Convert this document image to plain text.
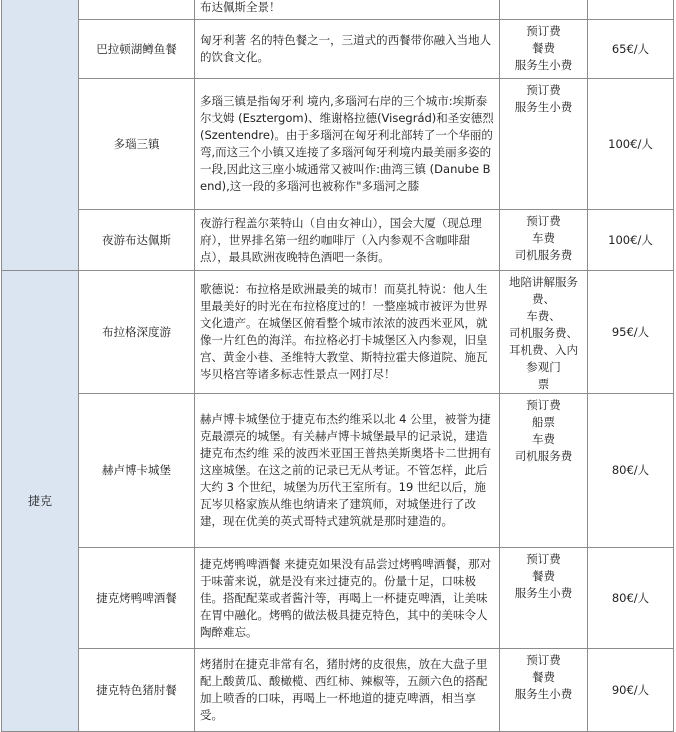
		布达佩斯全景！		
	巴拉顿湖鳟鱼餐	匈牙利著 名的特色餐之一，三道式的西餐带你融入当地人的饮食文化。	预订费
餐费
服务生小费	65€/人
	多瑙三镇	多瑙三镇是指匈牙利 境内,多瑙河右岸的三个城市:埃斯泰尔戈姆 (Esztergom)、维谢格拉德(Visegrád)和圣安德烈 (Szentendre)。由于多瑙河在匈牙利北部转了一个华丽的弯,而这三个小镇又连接了多瑙河匈牙利境内最美丽多姿的一段,因此这三座小城通常又被叫作:曲湾三镇 (Danube Bend),这一段的多瑙河也被称作"多瑙河之膝	预订费
服务生小费	100€/人
	夜游布达佩斯	夜游行程盖尔莱特山（自由女神山），国会大厦（现总理府），世界排名第一纽约咖啡厅（入内参观不含咖啡甜点），最具欧洲夜晚特色酒吧一条街。	预订费
车费
司机服务费	100€/人
捷克	布拉格深度游	歌德说：布拉格是欧洲最美的城市！而莫扎特说：他人生里最美好的时光在布拉格度过的！一整座城市被评为世界文化遗产。在城堡区俯看整个城市浓浓的波西米亚风，就像一片红色的海洋。布拉格必打卡城堡区入内参观，旧皇宫、黄金小巷、圣维特大教堂、斯特拉霍夫修道院、施瓦岑贝格宫等诸多标志性景点一网打尽！	地陪讲解服务费、
车费、
司机服务费、
耳机费、入内参观门
票	95€/人
	赫卢博卡城堡	赫卢博卡城堡位于捷克布杰约维采以北 4 公里，被誉为捷克最漂亮的城堡。有关赫卢博卡城堡最早的记录说，建造捷克布杰约维 采的波西米亚国王普热美斯奥塔卡二世拥有这座城堡。在这之前的记录已无从考证。不管怎样，此后大约 3 个世纪，城堡为历代王室所有。19 世纪以后，施瓦岑贝格家族从维也纳请来了建筑师，对城堡进行了改建，现在优美的英式哥特式建筑就是那时建造的。	预订费
船票
车费
司机服务费	80€/人
	捷克烤鸭啤酒餐	捷克烤鸭啤酒餐 来捷克如果没有品尝过烤鸭啤酒餐，那对于味蕾来说，就是没有来过捷克的。份量十足，口味极佳。搭配配菜或者酱汁等，再喝上一杯捷克啤酒，让美味在胃中融化。烤鸭的做法极具捷克特色，其中的美味令人陶醉难忘。	预订费
餐费
服务生小费	80€/人
	捷克特色猪肘餐	烤猪肘在捷克非常有名，猪肘烤的皮很焦，放在大盘子里配上酸黄瓜、酸橄榄、西红柿、辣椒等，五颜六色的搭配加上喷香的口味，再喝上一杯地道的捷克啤酒，相当享受。	预订费
餐费
服务生小费	90€/人
